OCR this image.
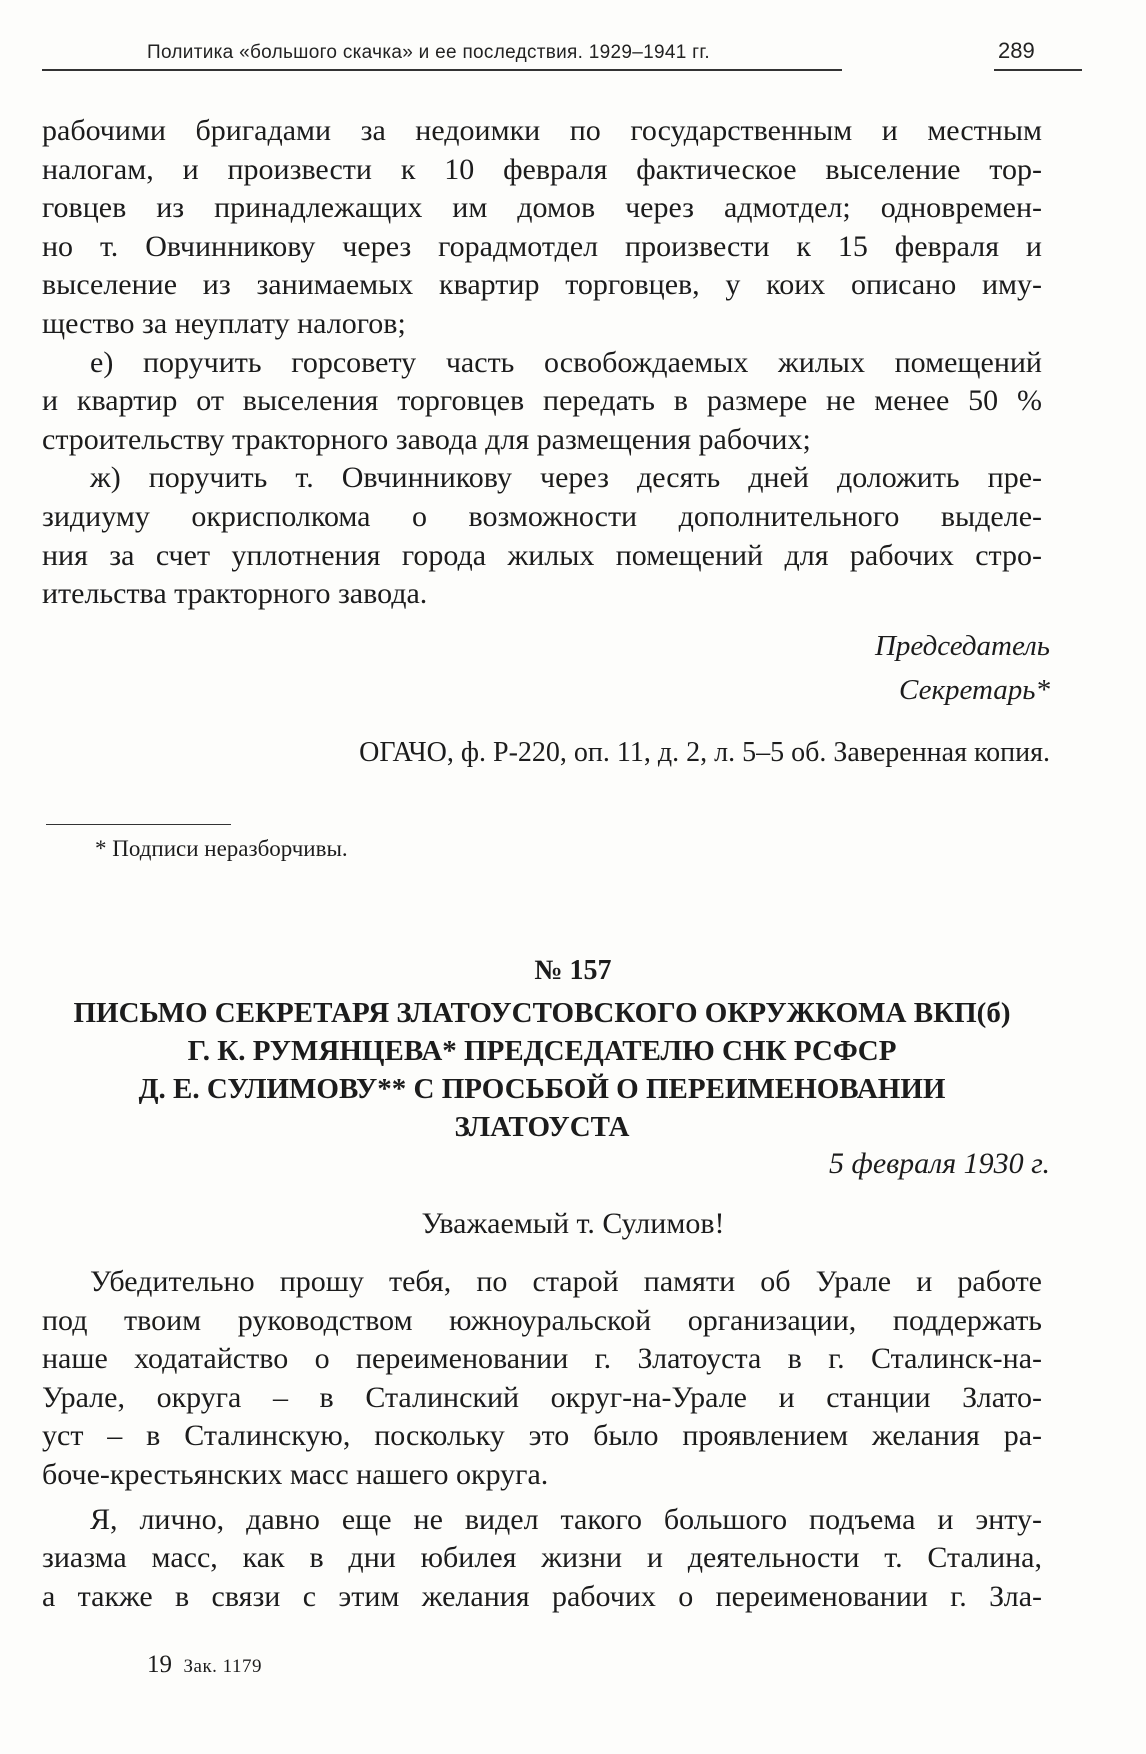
Политика «большого скачка» и ее последствия. 1929–1941 гг.	289

рабочими бригадами за недоимки по государственным и местным
налогам, и произвести к 10 февраля фактическое выселение тор-
говцев из принадлежащих им домов через адмотдел; одновремен-
но т. Овчинникову через горадмотдел произвести к 15 февраля и
выселение из занимаемых квартир торговцев, у коих описано иму-
щество за неуплату налогов;

е) поручить горсовету часть освобождаемых жилых помещений
и квартир от выселения торговцев передать в размере не менее 50 %
строительству тракторного завода для размещения рабочих;

ж) поручить т. Овчинникову через десять дней доложить пре-
зидиуму окрисполкома о возможности дополнительного выделе-
ния за счет уплотнения города жилых помещений для рабочих стро-
ительства тракторного завода.

Председатель
Секретарь*
ОГАЧО, ф. Р-220, оп. 11, д. 2, л. 5–5 об. Заверенная копия.
* Подписи неразборчивы.
№ 157
ПИСЬМО СЕКРЕТАРЯ ЗЛАТОУСТОВСКОГО ОКРУЖКОМА ВКП(б)
Г. К. РУМЯНЦЕВА* ПРЕДСЕДАТЕЛЮ СНК РСФСР
Д. Е. СУЛИМОВУ** С ПРОСЬБОЙ О ПЕРЕИМЕНОВАНИИ
ЗЛАТОУСТА
5 февраля 1930 г.
Уважаемый т. Сулимов!

Убедительно прошу тебя, по старой памяти об Урале и работе
под твоим руководством южноуральской организации, поддержать
наше ходатайство о переименовании г. Златоуста в г. Сталинск-на-
Урале, округа – в Сталинский округ-на-Урале и станции Злато-
уст – в Сталинскую, поскольку это было проявлением желания ра-
боче-крестьянских масс нашего округа.

Я, лично, давно еще не видел такого большого подъема и энту-
зиазма масс, как в дни юбилея жизни и деятельности т. Сталина,
а также в связи с этим желания рабочих о переименовании г. Зла-

19 Зак. 1179
